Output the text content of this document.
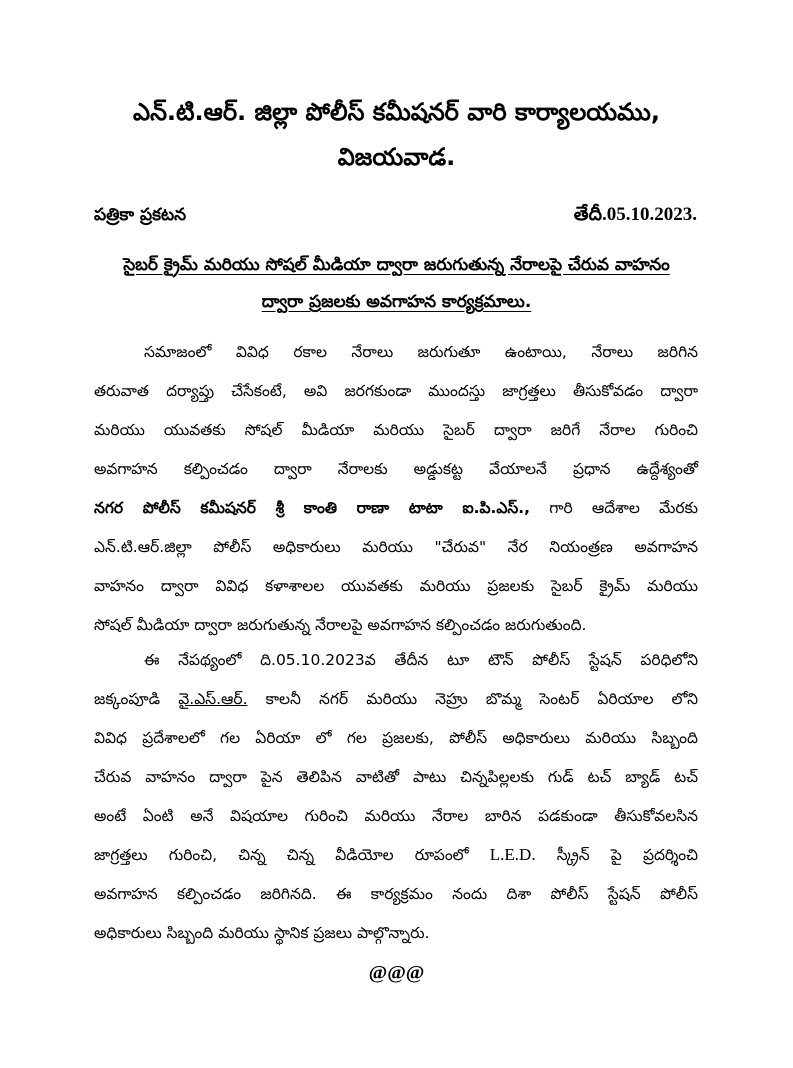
ఎన్.టి.ఆర్. జిల్లా పోలీస్ కమీషనర్ వారి కార్యాలయము,
విజయవాడ.
పత్రికా ప్రకటన	తేదీ.05.10.2023.
సైబర్ క్రైమ్ మరియు సోషల్ మీడియా ద్వారా జరుగుతున్న నేరాలపై చేరువ వాహనం
ద్వారా ప్రజలకు అవగాహన కార్యక్రమాలు.
సమాజంలో వివిధ రకాల నేరాలు జరుగుతూ ఉంటాయి, నేరాలు జరిగిన
తరువాత దర్యాప్తు చేసేకంటే, అవి జరగకుండా ముందస్తు జాగ్రత్తలు తీసుకోవడం ద్వారా
మరియు యువతకు సోషల్ మీడియా మరియు సైబర్ ద్వారా జరిగే నేరాల గురించి
అవగాహన కల్పించడం ద్వారా నేరాలకు అడ్డుకట్ట వేయాలనే ప్రధాన ఉద్దేశ్యంతో
నగర పోలీస్ కమీషనర్ శ్రీ కాంతి రాణా టాటా ఐ.పి.ఎస్., గారి ఆదేశాల మేరకు
ఎన్.టి.ఆర్.జిల్లా పోలీస్ అధికారులు మరియు "చేరువ" నేర నియంత్రణ అవగాహన
వాహనం ద్వారా వివిధ కళాశాలల యువతకు మరియు ప్రజలకు సైబర్ క్రైమ్ మరియు
సోషల్ మీడియా ద్వారా జరుగుతున్న నేరాలపై అవగాహన కల్పించడం జరుగుతుంది.
ఈ నేపథ్యంలో ది.05.10.2023వ తేదీన టూ టౌన్ పోలీస్ స్టేషన్ పరిధిలోని
జక్కంపూడి వై.ఎస్.ఆర్. కాలనీ నగర్ మరియు నెహ్రు బొమ్మ సెంటర్ ఏరియాల లోని
వివిధ ప్రదేశాలలో గల ఏరియా లో గల ప్రజలకు, పోలీస్ అధికారులు మరియు సిబ్బంది
చేరువ వాహనం ద్వారా పైన తెలిపిన వాటితో పాటు చిన్నపిల్లలకు గుడ్ టచ్ బ్యాడ్ టచ్
అంటే ఏంటి అనే విషయాల గురించి మరియు నేరాల బారిన పడకుండా తీసుకోవలసిన
జాగ్రత్తలు గురించి, చిన్న చిన్న వీడియోల రూపంలో L.E.D. స్క్రీన్ పై ప్రదర్శించి
అవగాహన కల్పించడం జరిగినది. ఈ కార్యక్రమం నందు దిశా పోలీస్ స్టేషన్ పోలీస్
అధికారులు సిబ్బంది మరియు స్థానిక ప్రజలు పాల్గొన్నారు.
@@@
